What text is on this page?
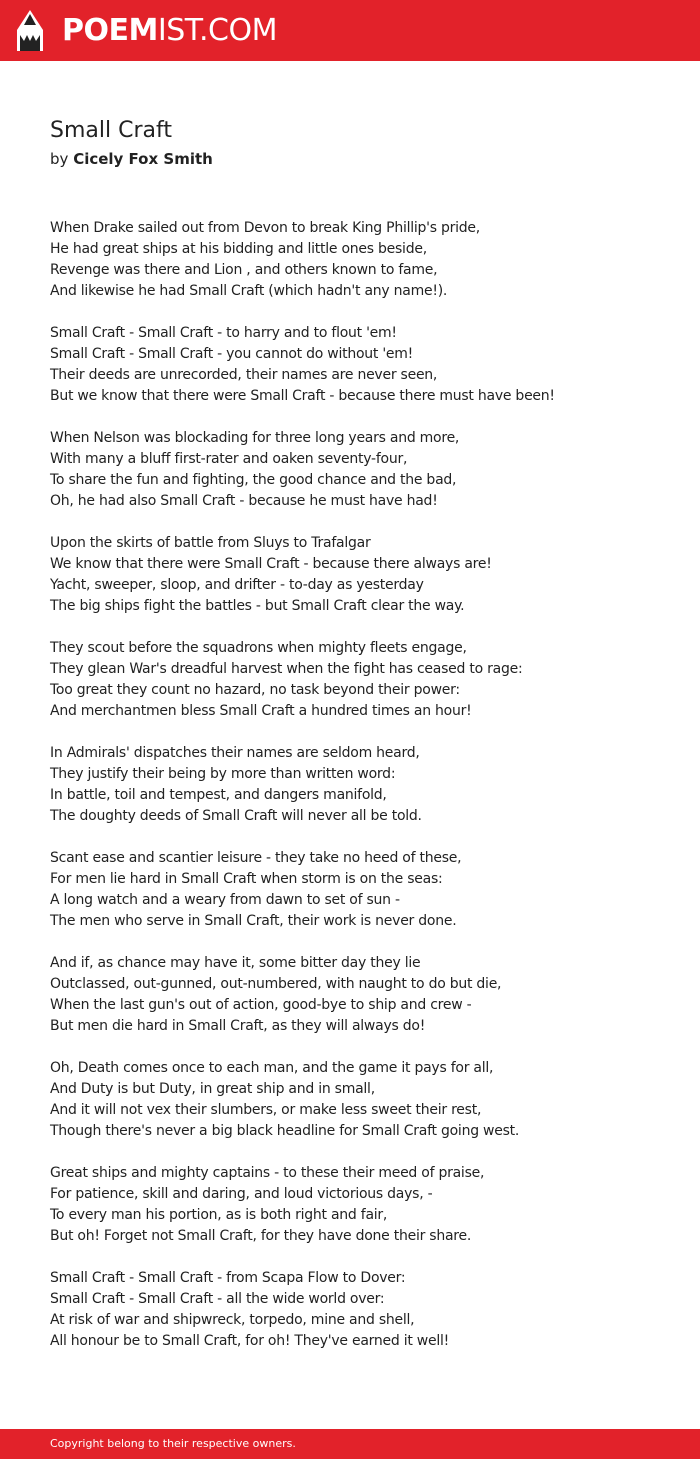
POEMIST.COM
Small Craft
by Cicely Fox Smith
When Drake sailed out from Devon to break King Phillip's pride,
He had great ships at his bidding and little ones beside,
Revenge was there and Lion , and others known to fame,
And likewise he had Small Craft (which hadn't any name!).
Small Craft - Small Craft - to harry and to flout 'em!
Small Craft - Small Craft - you cannot do without 'em!
Their deeds are unrecorded, their names are never seen,
But we know that there were Small Craft - because there must have been!
When Nelson was blockading for three long years and more,
With many a bluff first-rater and oaken seventy-four,
To share the fun and fighting, the good chance and the bad,
Oh, he had also Small Craft - because he must have had!
Upon the skirts of battle from Sluys to Trafalgar
We know that there were Small Craft - because there always are!
Yacht, sweeper, sloop, and drifter - to-day as yesterday
The big ships fight the battles - but Small Craft clear the way.
They scout before the squadrons when mighty fleets engage,
They glean War's dreadful harvest when the fight has ceased to rage:
Too great they count no hazard, no task beyond their power:
And merchantmen bless Small Craft a hundred times an hour!
In Admirals' dispatches their names are seldom heard,
They justify their being by more than written word:
In battle, toil and tempest, and dangers manifold,
The doughty deeds of Small Craft will never all be told.
Scant ease and scantier leisure - they take no heed of these,
For men lie hard in Small Craft when storm is on the seas:
A long watch and a weary from dawn to set of sun -
The men who serve in Small Craft, their work is never done.
And if, as chance may have it, some bitter day they lie
Outclassed, out-gunned, out-numbered, with naught to do but die,
When the last gun's out of action, good-bye to ship and crew -
But men die hard in Small Craft, as they will always do!
Oh, Death comes once to each man, and the game it pays for all,
And Duty is but Duty, in great ship and in small,
And it will not vex their slumbers, or make less sweet their rest,
Though there's never a big black headline for Small Craft going west.
Great ships and mighty captains - to these their meed of praise,
For patience, skill and daring, and loud victorious days, -
To every man his portion, as is both right and fair,
But oh! Forget not Small Craft, for they have done their share.
Small Craft - Small Craft - from Scapa Flow to Dover:
Small Craft - Small Craft - all the wide world over:
At risk of war and shipwreck, torpedo, mine and shell,
All honour be to Small Craft, for oh! They've earned it well!
Copyright belong to their respective owners.
